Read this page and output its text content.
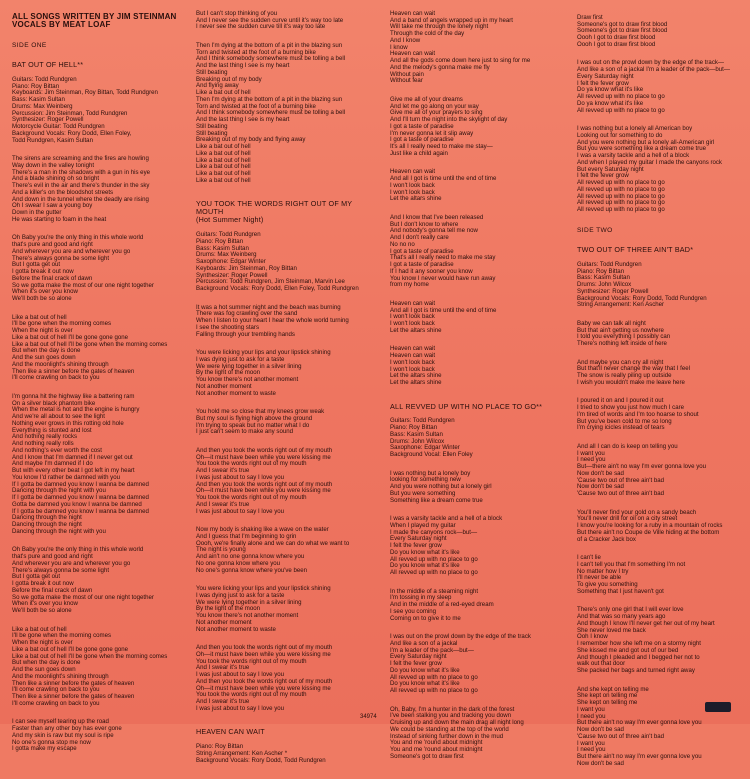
ALL SONGS WRITTEN BY JIM STEINMAN
VOCALS BY MEAT LOAF

SIDE ONE

BAT OUT OF HELL**

Guitars: Todd Rundgren
Piano: Roy Bittan
Keyboards: Jim Steinman, Roy Bittan, Todd Rundgren
Bass: Kasim Sultan
Drums: Max Weinberg
Percussion: Jim Steinman, Todd Rundgren
Synthesizer: Roger Powell
Motorcycle Guitar: Todd Rundgren
Background Vocals: Rory Dodd, Ellen Foley,
Todd Rundgren, Kasim Sultan

The sirens are screaming and the fires are howling
Way down in the valley tonight
There's a man in the shadows with a gun in his eye
And a blade shining oh so bright
There's evil in the air and there's thunder in the sky
And a killer's on the bloodshot streets
And down in the tunnel where the deadly are rising
Oh I swear I saw a young boy
Down in the gutter
He was starting to foam in the heat

Oh Baby you're the only thing in this whole world
that's pure and good and right
And wherever you are and wherever you go
There's always gonna be some light
But I gotta get out
I gotta break it out now
Before the final crack of dawn
So we gotta make the most of our one night together
When it's over you know
We'll both be so alone

Like a bat out of hell
I'll be gone when the morning comes
When the night is over
Like a bat out of hell I'll be gone gone gone
Like a bat out of hell I'll be gone when the morning comes
But when the day is done
And the sun goes down
And the moonlight's shining through
Then like a sinner before the gates of heaven
I'll come crawling on back to you

I'm gonna hit the highway like a battering ram
On a silver black phantom bike
When the metal is hot and the engine is hungry
And we're all about to see the light
Nothing ever grows in this rotting old hole
Everything is stunted and lost
And nothing really rocks
And nothing really rolls
And nothing's ever worth the cost
And I know that I'm damned if I never get out
And maybe I'm damned if I do
But with every other beat I got left in my heart
You know I'd rather be damned with you
If I gotta be damned you know I wanna be damned
Dancing through the night with you
If I gotta be damned you know I wanna be damned
Gotta be damned you know I wanna be damned
If I gotta be damned you know I wanna be damned
Dancing through the night
Dancing through the night
Dancing through the night with you

Oh Baby you're the only thing in this whole world
that's pure and good and right
And wherever you are and wherever you go
There's always gonna be some light
But I gotta get out
I gotta break it out now
Before the final crack of dawn
So we gotta make the most of our one night together
When it's over you know
We'll both be so alone

Like a bat out of hell
I'll be gone when the morning comes
When the night is over
Like a bat out of hell I'll be gone gone gone
Like a bat out of hell I'll be gone when the morning comes
But when the day is done
And the sun goes down
And the moonlight's shining through
Then like a sinner before the gates of heaven
I'll come crawling on back to you
Then like a sinner before the gates of heaven
I'll come crawling on back to you

I can see myself tearing up the road
Faster than any other boy has ever gone
And my skin is raw but my soul is ripe
No one's gonna stop me now
I gotta make my escape

But I can't stop thinking of you
And I never see the sudden curve until it's way too late
I never see the sudden curve till it's way too late

Then I'm dying at the bottom of a pit in the blazing sun
Torn and twisted at the foot of a burning bike
And I think somebody somewhere must be tolling a bell
And the last thing I see is my heart
Still beating
Breaking out of my body
And flying away
Like a bat out of hell
Then I'm dying at the bottom of a pit in the blazing sun
Torn and twisted at the foot of a burning bike
And I think somebody somewhere must be tolling a bell
And the last thing I see is my heart
Still beating
Still beating
Breaking out of my body and flying away
Like a bat out of hell
Like a bat out of hell
Like a bat out of hell
Like a bat out of hell
Like a bat out of hell
Like a bat out of hell

YOU TOOK THE WORDS RIGHT OUT OF MY MOUTH
(Hot Summer Night)

Guitars: Todd Rundgren
Piano: Roy Bittan
Bass: Kasim Sultan
Drums: Max Weinberg
Saxophone: Edgar Winter
Keyboards: Jim Steinman, Roy Bittan
Synthesizer: Roger Powell
Percussion: Todd Rundgren, Jim Steinman, Marvin Lee
Background Vocals: Rory Dodd, Ellen Foley, Todd Rundgren

It was a hot summer night and the beach was burning
There was fog crawling over the sand
When I listen to your heart I hear the whole world turning
I see the shooting stars
Falling through your trembling hands

You were licking your lips and your lipstick shining
I was dying just to ask for a taste
We were lying together in a silver lining
By the light of the moon
You know there's not another moment
Not another moment
Not another moment to waste

You hold me so close that my knees grow weak
But my soul is flying high above the ground
I'm trying to speak but no matter what I do
I just can't seem to make any sound

And then you took the words right out of my mouth
Oh—it must have been while you were kissing me
You took the words right out of my mouth
And I swear it's true
I was just about to say I love you
And then you took the words right out of my mouth
Oh—it must have been while you were kissing me
You took the words right out of my mouth
And I swear it's true
I was just about to say I love you

Now my body is shaking like a wave on the water
And I guess that I'm beginning to grin
Oooh, we're finally alone and we can do what we want to
The night is young
And ain't no one gonna know where you
No one gonna know where you
No one's gonna know where you've been

You were licking your lips and your lipstick shining
I was dying just to ask for a taste
We were lying together in a silver lining
By the light of the moon
You know there's not another moment
Not another moment
Not another moment to waste

And then you took the words right out of my mouth
Oh—it must have been while you were kissing me
You took the words right out of my mouth
And I swear it's true
I was just about to say I love you
And then you took the words right out of my mouth
Oh—it must have been while you were kissing me
You took the words right out of my mouth
And I swear it's true
I was just about to say I love you

HEAVEN CAN WAIT

Piano: Roy Bittan
String Arrangement: Ken Ascher *
Background Vocals: Rory Dodd, Todd Rundgren

Heaven can wait
And a band of angels wrapped up in my heart
Will take me through the lonely night
Through the cold of the day
And I know
I know
Heaven can wait
And all the gods come down here just to sing for me
And the melody's gonna make me fly
Without pain
Without fear

Give me all of your dreams
And let me go along on your way
Give me all of your prayers to sing
And I'll turn the night into the skylight of day
I got a taste of paradise
I'm never gonna let it slip away
I got a taste of paradise
It's all I really need to make me stay—
Just like a child again

Heaven can wait
And all I got is time until the end of time
I won't look back
I won't look back
Let the altars shine

And I know that I've been released
But I don't know to where
And nobody's gonna tell me now
And I don't really care
No no no
I got a taste of paradise
That's all I really need to make me stay
I got a taste of paradise
If I had it any sooner you know
You know I never would have run away
from my home

Heaven can wait
And all I got is time until the end of time
I won't look back
I won't look back
Let the altars shine

Heaven can wait
Heaven can wait
I won't look back
I won't look back
Let the altars shine
Let the altars shine

ALL REVVED UP WITH NO PLACE TO GO**

Guitars: Todd Rundgren
Piano: Roy Bittan
Bass: Kasim Sultan
Drums: John Wilcox
Saxophone: Edgar Winter
Background Vocal: Ellen Foley

I was nothing but a lonely boy
looking for something new
And you were nothing but a lonely girl
But you were something
Something like a dream come true

I was a varsity tackle and a hell of a block
When I played my guitar
I made the canyons rock—but—
Every Saturday night
I felt the fever grow
Do you know what it's like
All revved up with no place to go
Do you know what it's like
All revved up with no place to go

In the middle of a steaming night
I'm tossing in my sleep
And in the middle of a red-eyed dream
I see you coming
Coming on to give it to me

I was out on the prowl down by the edge of the track
And like a son of a jackal
I'm a leader of the pack—but—
Every Saturday night
I felt the fever grow
Do you know what it's like
All revved up with no place to go
Do you know what it's like
All revved up with no place to go

Oh, Baby, I'm a hunter in the dark of the forest
I've been stalking you and tracking you down
Cruising up and down the main drag all night long
We could be standing at the top of the world
Instead of sinking further down in the mud
You and me 'round about midnight
You and me 'round about midnight
Someone's got to draw first

Draw first
Someone's got to draw first blood
Someone's got to draw first blood
Oooh I got to draw first blood
Oooh I got to draw first blood

I was out on the prowl down by the edge of the track—
And like a son of a jackal I'm a leader of the pack—but—
Every Saturday night
I felt the fever grow
Do ya know what it's like
All revved up with no place to go
Do ya know what it's like
All revved up with no place to go

I was nothing but a lonely all American boy
Looking out for something to do
And you were nothing but a lonely all-American girl
But you were something like a dream come true
I was a varsity tackle and a hell of a block
And when I played my guitar I made the canyons rock
But every Saturday night
I felt the fever grow
All revved up with no place to go
All revved up with no place to go
All revved up with no place to go
All revved up with no place to go
All revved up with no place to go

SIDE TWO

TWO OUT OF THREE AIN'T BAD*

Guitars: Todd Rundgren
Piano: Roy Bittan
Bass: Kasim Sultan
Drums: John Wilcox
Synthesizer: Roger Powell
Background Vocals: Rory Dodd, Todd Rundgren
String Arrangement: Ken Ascher

Baby we can talk all night
But that ain't getting us nowhere
I told you everything I possibly can
There's nothing left inside of here

And maybe you can cry all night
But that'll never change the way that I feel
The snow is really piling up outside
I wish you wouldn't make me leave here

I poured it on and I poured it out
I tried to show you just how much I care
I'm tired of words and I'm too hoarse to shout
But you've been cold to me so long
I'm crying icicles instead of tears

And all I can do is keep on telling you
I want you
I need you
But—there ain't no way I'm ever gonna love you
Now don't be sad
'Cause two out of three ain't bad
Now don't be sad
'Cause two out of three ain't bad

You'll never find your gold on a sandy beach
You'll never drill for oil on a city street
I know you're looking for a ruby in a mountain of rocks
But there ain't no Coupe de Ville hiding at the bottom
of a Cracker Jack box

I can't lie
I can't tell you that I'm something I'm not
No matter how I try
I'll never be able
To give you something
Something that I just haven't got

There's only one girl that I will ever love
And that was so many years ago
And though I know I'll never get her out of my heart
She never loved me back
Ooh I know
I remember how she left me on a stormy night
She kissed me and got out of our bed
And though I pleaded and I begged her not to
walk out that door
She packed her bags and turned right away

And she kept on telling me
She kept on telling me
She kept on telling me
I want you
I need you
But there ain't no way I'm ever gonna love you
Now don't be sad
'Cause two out of three ain't bad
I want you
I need you
But there ain't no way I'm ever gonna love you
Now don't be sad

34974
